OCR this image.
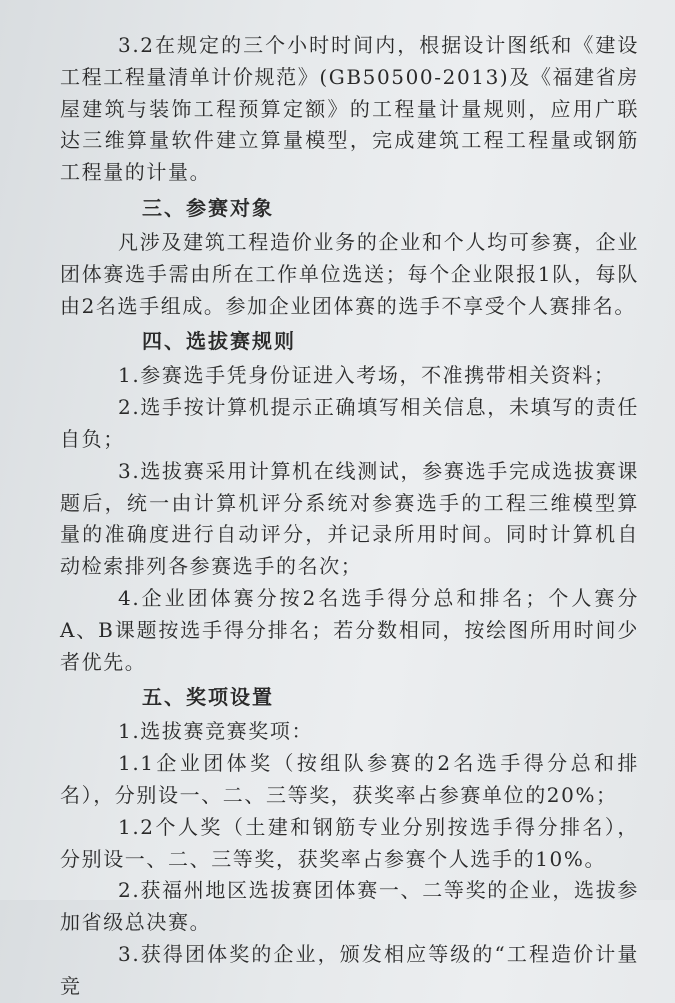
3.2在规定的三个小时时间内，根据设计图纸和《建设工程工程量清单计价规范》(GB50500-2013)及《福建省房屋建筑与装饰工程预算定额》的工程量计量规则，应用广联达三维算量软件建立算量模型，完成建筑工程工程量或钢筋工程量的计量。

三、参赛对象

凡涉及建筑工程造价业务的企业和个人均可参赛，企业团体赛选手需由所在工作单位选送；每个企业限报1队，每队由2名选手组成。参加企业团体赛的选手不享受个人赛排名。

四、选拔赛规则

1.参赛选手凭身份证进入考场，不准携带相关资料；

2.选手按计算机提示正确填写相关信息，未填写的责任自负；

3.选拔赛采用计算机在线测试，参赛选手完成选拔赛课题后，统一由计算机评分系统对参赛选手的工程三维模型算量的准确度进行自动评分，并记录所用时间。同时计算机自动检索排列各参赛选手的名次；

4.企业团体赛分按2名选手得分总和排名；个人赛分A、B课题按选手得分排名；若分数相同，按绘图所用时间少者优先。

五、奖项设置

1.选拔赛竞赛奖项：

1.1企业团体奖（按组队参赛的2名选手得分总和排名），分别设一、二、三等奖，获奖率占参赛单位的20%；

1.2个人奖（土建和钢筋专业分别按选手得分排名），分别设一、二、三等奖，获奖率占参赛个人选手的10%。

2.获福州地区选拔赛团体赛一、二等奖的企业，选拔参加省级总决赛。

3.获得团体奖的企业，颁发相应等级的“工程造价计量竞
